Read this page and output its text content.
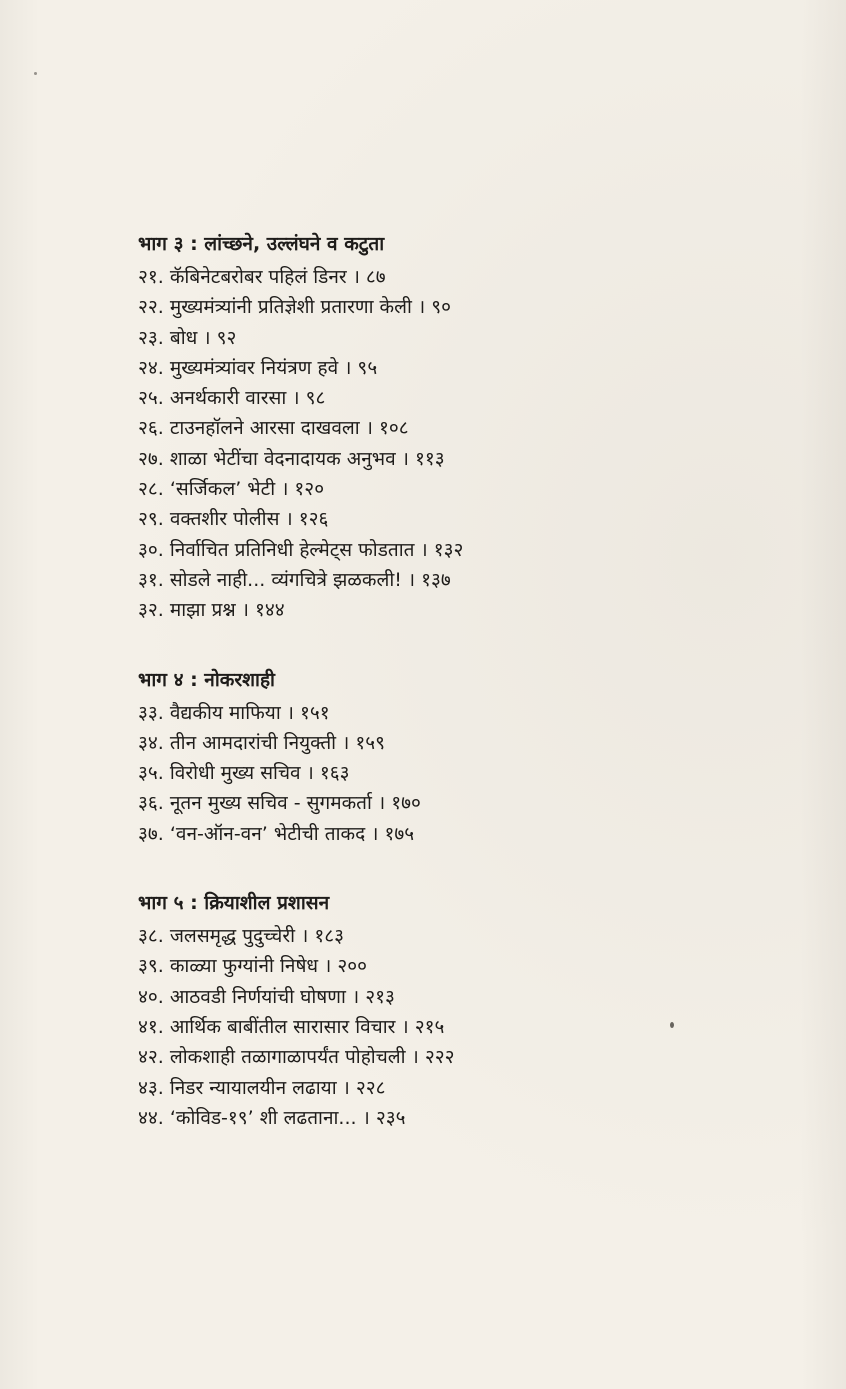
भाग ३ : लांच्छने, उल्लंघने व कटुता
२१. कॅबिनेटबरोबर पहिलं डिनर । ८७
२२. मुख्यमंत्र्यांनी प्रतिज्ञेशी प्रतारणा केली । ९०
२३. बोध । ९२
२४. मुख्यमंत्र्यांवर नियंत्रण हवे । ९५
२५. अनर्थकारी वारसा । ९८
२६. टाउनहॉलने आरसा दाखवला । १०८
२७. शाळा भेटींचा वेदनादायक अनुभव । ११३
२८. ‘सर्जिकल’ भेटी । १२०
२९. वक्तशीर पोलीस । १२६
३०. निर्वाचित प्रतिनिधी हेल्मेट्स फोडतात । १३२
३१. सोडले नाही... व्यंगचित्रे झळकली! । १३७
३२. माझा प्रश्न । १४४
भाग ४ : नोकरशाही
३३. वैद्यकीय माफिया । १५१
३४. तीन आमदारांची नियुक्ती । १५९
३५. विरोधी मुख्य सचिव । १६३
३६. नूतन मुख्य सचिव - सुगमकर्ता । १७०
३७. ‘वन-ऑन-वन’ भेटीची ताकद । १७५
भाग ५ : क्रियाशील प्रशासन
३८. जलसमृद्ध पुदुच्चेरी । १८३
३९. काळ्या फुग्यांनी निषेध । २००
४०. आठवडी निर्णयांची घोषणा । २१३
४१. आर्थिक बाबींतील सारासार विचार । २१५
४२. लोकशाही तळागाळापर्यंत पोहोचली । २२२
४३. निडर न्यायालयीन लढाया । २२८
४४. ‘कोविड-१९’ शी लढताना... । २३५
